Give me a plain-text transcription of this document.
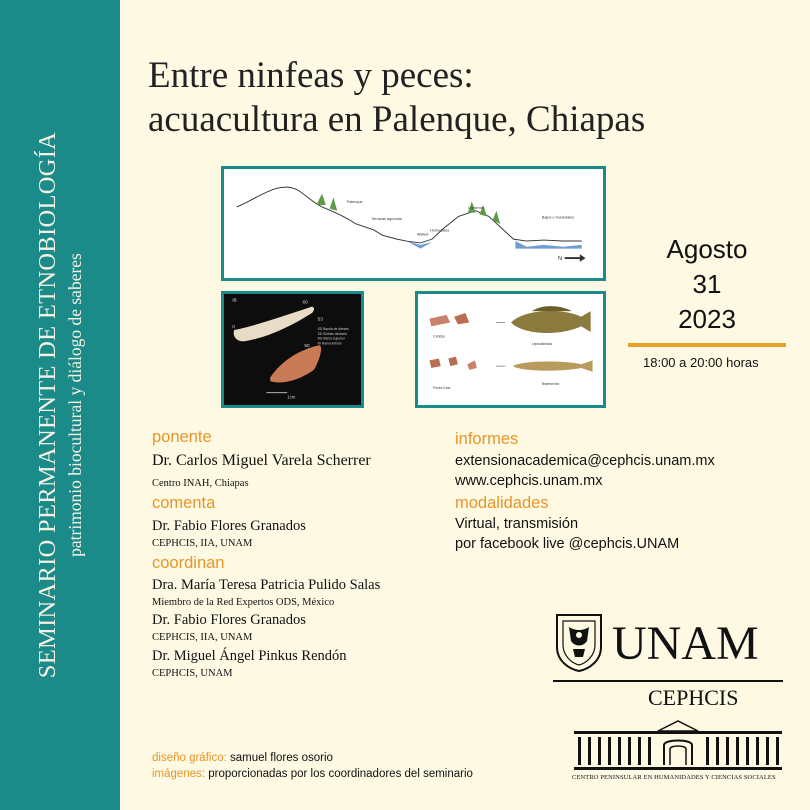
SEMINARIO PERMANENTE DE ETNOBIOLOGÍA patrimonio biocultural y diálogo de saberes
Entre ninfeas y peces:
acuacultura en Palenque, Chiapas
Palenque
Terrazas agrícolas
Walled
Humedales
Lomeríos
Bajos o humedales
N
IB	60
53
II
50
SD Banda de dientes
SD Sínfisis dentaria
RS Rama superior
RI Rama inferior
1cm
Cíclidos
Lepisosteidos
Peces Gato
Tepemechín
Agosto
31
2023
18:00 a 20:00 horas
ponente
Dr. Carlos Miguel Varela Scherrer
Centro INAH, Chiapas
comenta
Dr. Fabio Flores Granados
CEPHCIS, IIA, UNAM
coordinan
Dra. María Teresa Patricia Pulido Salas
Miembro de la Red Expertos ODS, México
Dr. Fabio Flores Granados
CEPHCIS, IIA, UNAM
Dr. Miguel Ángel Pinkus Rendón
CEPHCIS, UNAM
informes
extensionacademica@cephcis.unam.mx
www.cephcis.unam.mx
modalidades
Virtual, transmisión
por facebook live @cephcis.UNAM
UNAM
CEPHCIS
CENTRO PENINSULAR EN HUMANIDADES Y CIENCIAS SOCIALES
diseño gráfico: samuel flores osorio
imágenes: proporcionadas por los coordinadores del seminario
